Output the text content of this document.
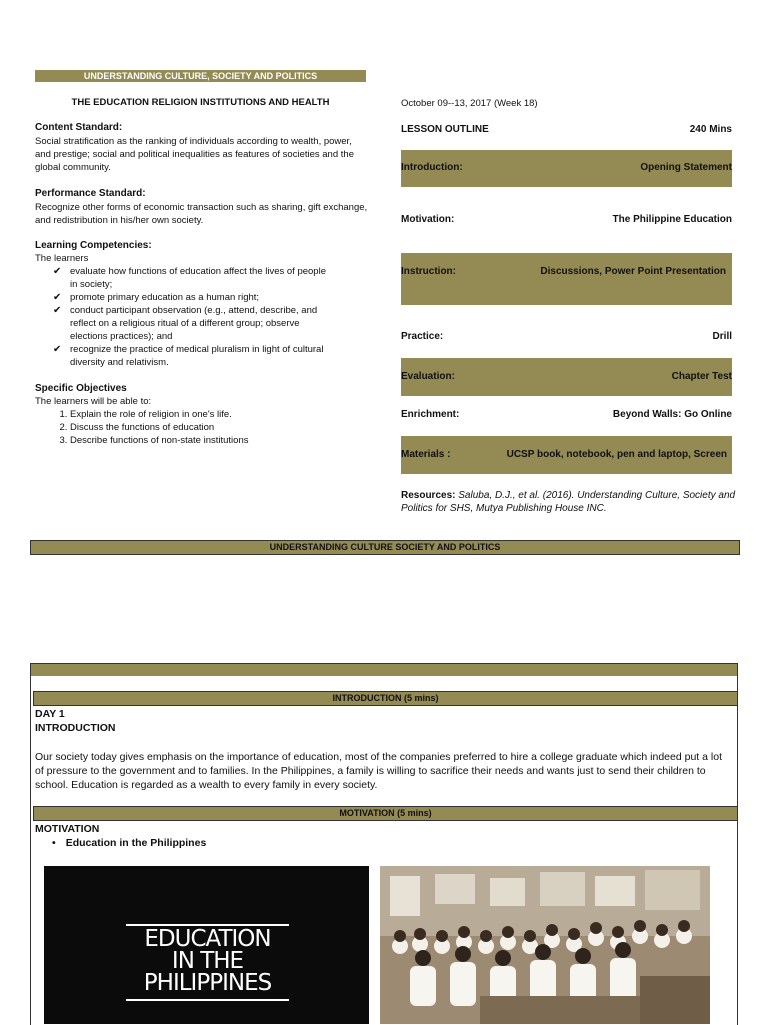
UNDERSTANDING CULTURE, SOCIETY AND POLITICS
THE EDUCATION RELIGION INSTITUTIONS AND HEALTH
Content Standard:
Social stratification as the ranking of individuals according to wealth, power, and prestige; social and political inequalities as features of societies and the global community.
Performance Standard:
Recognize other forms of economic transaction such as sharing, gift exchange, and redistribution in his/her own society.
Learning Competencies:
The learners
✔ evaluate how functions of education affect the lives of people in society;
✔ promote primary education as a human right;
✔ conduct participant observation (e.g., attend, describe, and reflect on a religious ritual of a different group; observe elections practices); and
✔ recognize the practice of medical pluralism in light of cultural diversity and relativism.
Specific Objectives
The learners will be able to:
1. Explain the role of religion in one's life.
2. Discuss the functions of education
3. Describe functions of non-state institutions
October 09--13, 2017 (Week 18)
LESSON OUTLINE	240 Mins
Introduction:	Opening Statement
Motivation:	The Philippine Education
Instruction:	Discussions, Power Point Presentation
Practice:	Drill
Evaluation:	Chapter Test
Enrichment:	Beyond Walls: Go Online
Materials :	UCSP book, notebook, pen and laptop, Screen
Resources: Saluba, D.J., et al. (2016). Understanding Culture, Society and Politics for SHS, Mutya Publishing House INC.
UNDERSTANDING CULTURE SOCIETY AND POLITICS
INTRODUCTION (5 mins)
DAY 1
INTRODUCTION
Our society today gives emphasis on the importance of education, most of the companies preferred to hire a college graduate which indeed put a lot of pressure to the government and to families. In the Philippines, a family is willing to sacrifice their needs and wants just to send their children to school. Education is regarded as a wealth to every family in every society.
MOTIVATION (5 mins)
MOTIVATION
• Education in the Philippines
EDUCATION
IN THE
PHILIPPINES
